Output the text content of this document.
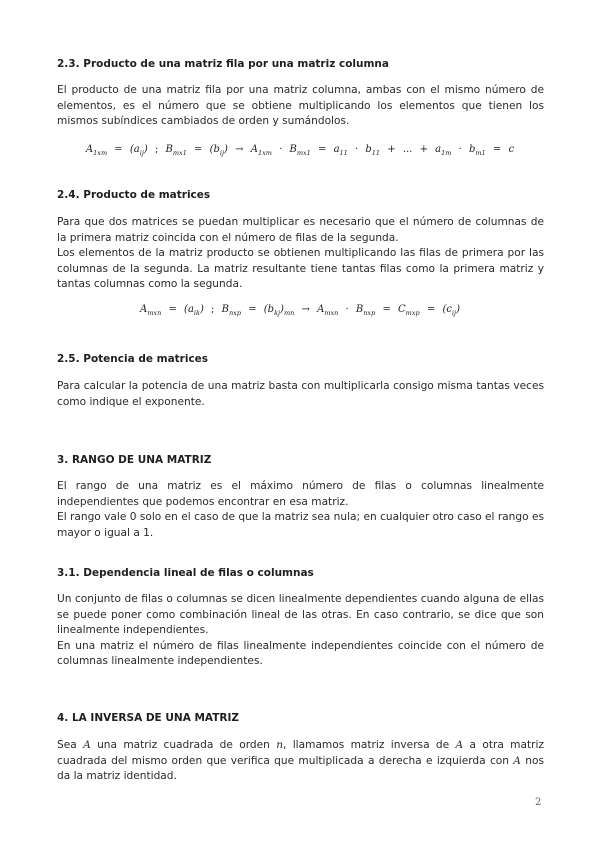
2.3. Producto de una matriz fila por una matriz columna

El producto de una matriz fila por una matriz columna, ambas con el mismo número de elementos, es el número que se obtiene multiplicando los elementos que tienen los mismos subíndices cambiados de orden y sumándolos.

$A_{1xm} = (a_{ij})$ ; $B_{mx1} = (b_{ij}) \to A_{1xm} \cdot B_{mx1} = a_{11} \cdot b_{11}$ + ... + $a_{1m} \cdot b_{m1} = c$
2.4. Producto de matrices

Para que dos matrices se puedan multiplicar es necesario que el número de columnas de la primera matriz coincida con el número de filas de la segunda.

Los elementos de la matriz producto se obtienen multiplicando las filas de primera por las columnas de la segunda. La matriz resultante tiene tantas filas como la primera matriz y tantas columnas como la segunda.

$A_{mxn} = (a_{ik})$ ; $B_{nxp} = (b_{kj})_{mn} \to A_{mxn} \cdot B_{nxp} = C_{mxp} = (c_{ij})$
2.5. Potencia de matrices

Para calcular la potencia de una matriz basta con multiplicarla consigo misma tantas veces como indique el exponente.

3. RANGO DE UNA MATRIZ

El rango de una matriz es el máximo número de filas o columnas linealmente independientes que podemos encontrar en esa matriz.

El rango vale 0 solo en el caso de que la matriz sea nula; en cualquier otro caso el rango es mayor o igual a 1.

3.1. Dependencia lineal de filas o columnas

Un conjunto de filas o columnas se dicen linealmente dependientes cuando alguna de ellas se puede poner como combinación lineal de las otras. En caso contrario, se dice que son linealmente independientes.

En una matriz el número de filas linealmente independientes coincide con el número de columnas linealmente independientes.

4. LA INVERSA DE UNA MATRIZ

Sea A una matriz cuadrada de orden n, llamamos matriz inversa de A a otra matriz cuadrada del mismo orden que verifica que multiplicada a derecha e izquierda con A nos da la matriz identidad.

2
